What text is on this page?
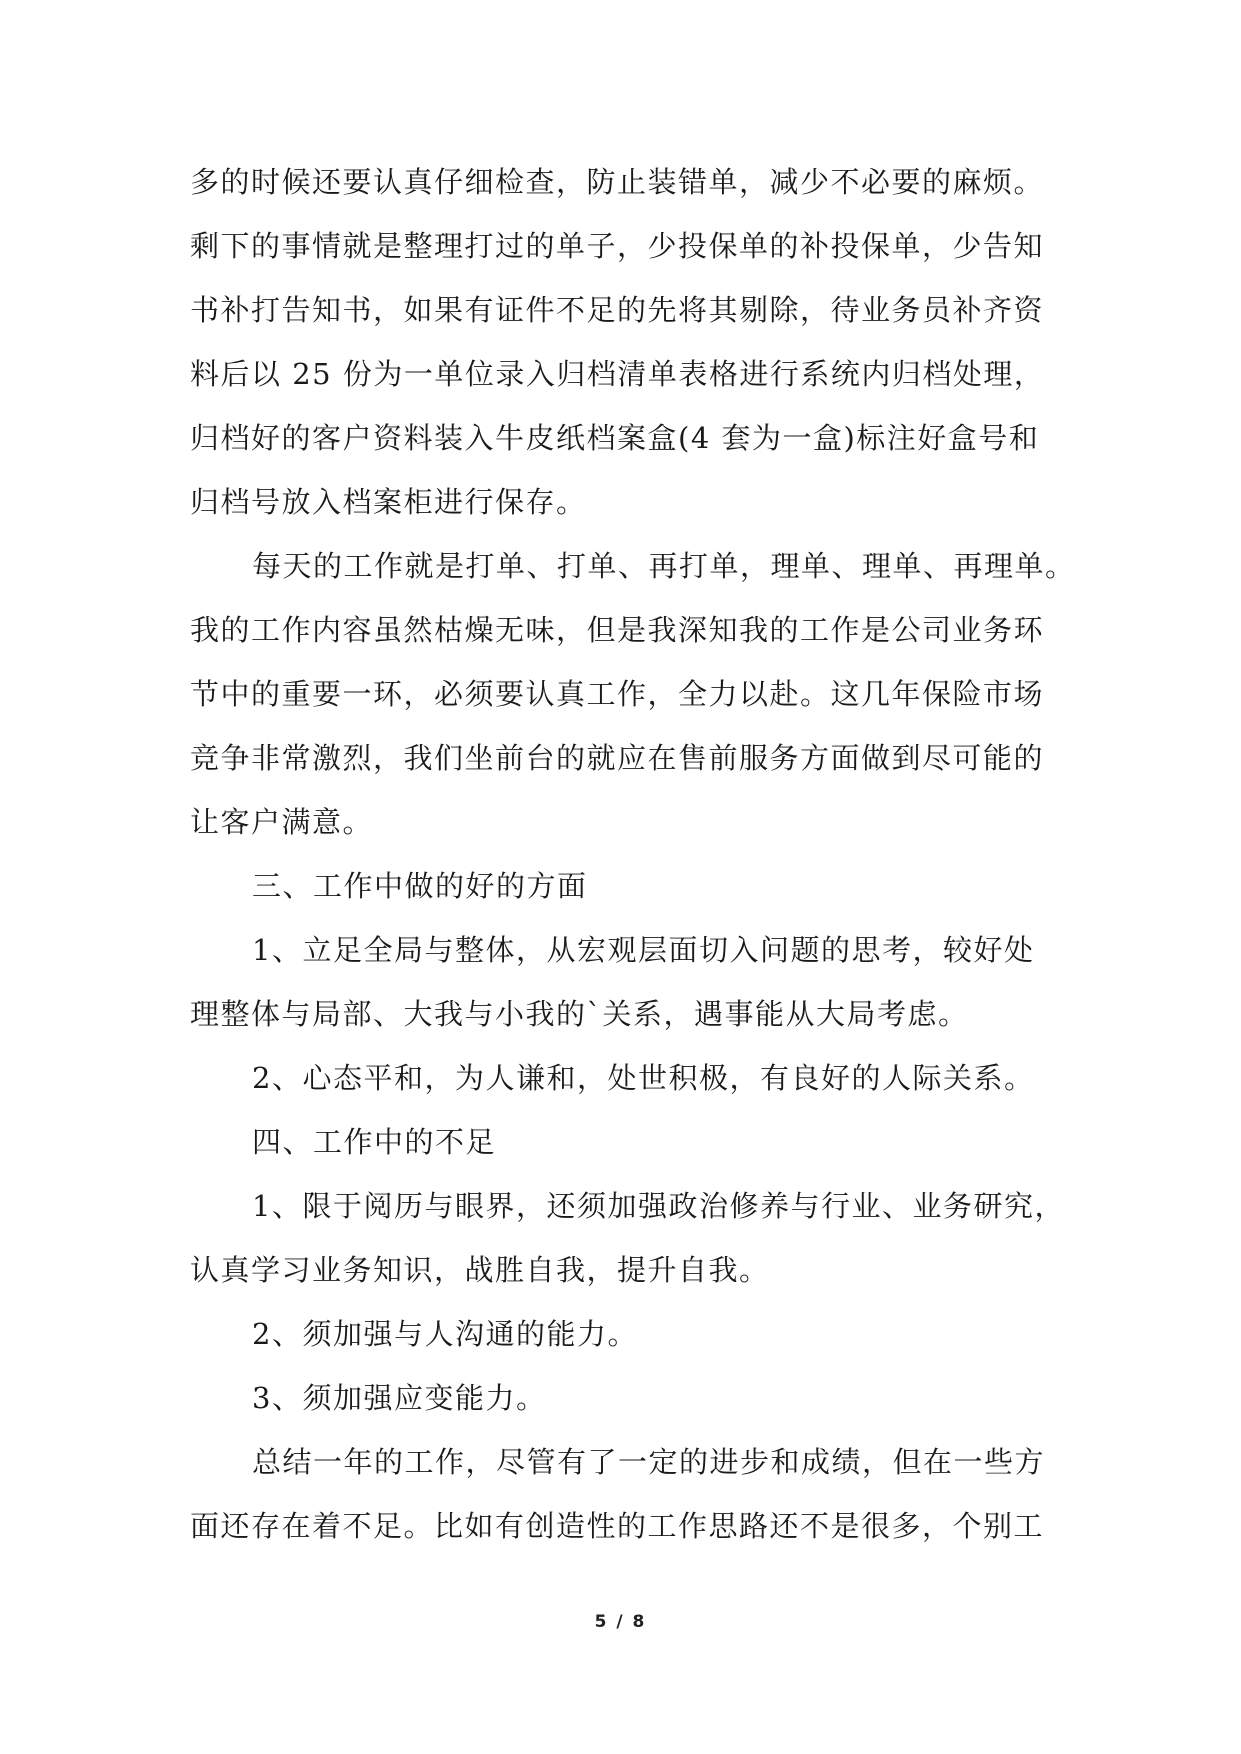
多的时候还要认真仔细检查，防止装错单，减少不必要的麻烦。
剩下的事情就是整理打过的单子，少投保单的补投保单，少告知
书补打告知书，如果有证件不足的先将其剔除，待业务员补齐资
料后以 25 份为一单位录入归档清单表格进行系统内归档处理，
归档好的客户资料装入牛皮纸档案盒(4 套为一盒)标注好盒号和
归档号放入档案柜进行保存。
每天的工作就是打单、打单、再打单，理单、理单、再理单。
我的工作内容虽然枯燥无味，但是我深知我的工作是公司业务环
节中的重要一环，必须要认真工作，全力以赴。这几年保险市场
竞争非常激烈，我们坐前台的就应在售前服务方面做到尽可能的
让客户满意。
三、工作中做的好的方面
1、立足全局与整体，从宏观层面切入问题的思考，较好处
理整体与局部、大我与小我的`关系，遇事能从大局考虑。
2、心态平和，为人谦和，处世积极，有良好的人际关系。
四、工作中的不足
1、限于阅历与眼界，还须加强政治修养与行业、业务研究，
认真学习业务知识，战胜自我，提升自我。
2、须加强与人沟通的能力。
3、须加强应变能力。
总结一年的工作，尽管有了一定的进步和成绩，但在一些方
面还存在着不足。比如有创造性的工作思路还不是很多，个别工
5 / 8
